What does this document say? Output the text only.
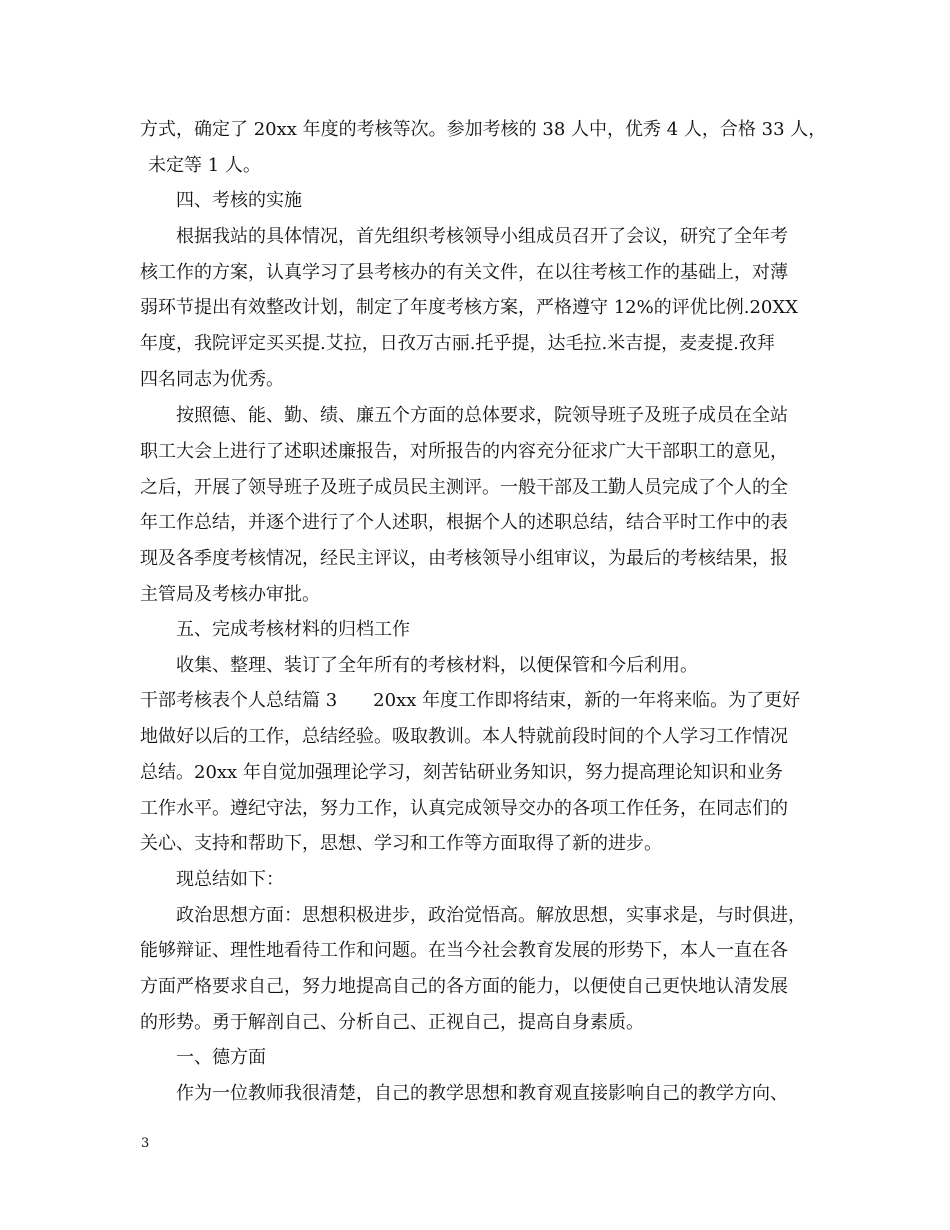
方式，确定了 20xx 年度的考核等次。参加考核的 38 人中，优秀 4 人，合格 33 人，
未定等 1 人。
四、考核的实施
根据我站的具体情况，首先组织考核领导小组成员召开了会议，研究了全年考
核工作的方案，认真学习了县考核办的有关文件，在以往考核工作的基础上，对薄
弱环节提出有效整改计划，制定了年度考核方案，严格遵守 12%的评优比例.20XX
年度，我院评定买买提.艾拉，日孜万古丽.托乎提，达毛拉.米吉提，麦麦提.孜拜
四名同志为优秀。
按照德、能、勤、绩、廉五个方面的总体要求，院领导班子及班子成员在全站
职工大会上进行了述职述廉报告，对所报告的内容充分征求广大干部职工的意见，
之后，开展了领导班子及班子成员民主测评。一般干部及工勤人员完成了个人的全
年工作总结，并逐个进行了个人述职，根据个人的述职总结，结合平时工作中的表
现及各季度考核情况，经民主评议，由考核领导小组审议，为最后的考核结果，报
主管局及考核办审批。
五、完成考核材料的归档工作
收集、整理、装订了全年所有的考核材料，以便保管和今后利用。
干部考核表个人总结篇 3　　20xx 年度工作即将结束，新的一年将来临。为了更好
地做好以后的工作，总结经验。吸取教训。本人特就前段时间的个人学习工作情况
总结。20xx 年自觉加强理论学习，刻苦钻研业务知识，努力提高理论知识和业务
工作水平。遵纪守法，努力工作，认真完成领导交办的各项工作任务，在同志们的
关心、支持和帮助下，思想、学习和工作等方面取得了新的进步。
现总结如下：
政治思想方面：思想积极进步，政治觉悟高。解放思想，实事求是，与时俱进，
能够辩证、理性地看待工作和问题。在当今社会教育发展的形势下，本人一直在各
方面严格要求自己，努力地提高自己的各方面的能力，以便使自己更快地认清发展
的形势。勇于解剖自己、分析自己、正视自己，提高自身素质。
一、德方面
作为一位教师我很清楚，自己的教学思想和教育观直接影响自己的教学方向、
3
